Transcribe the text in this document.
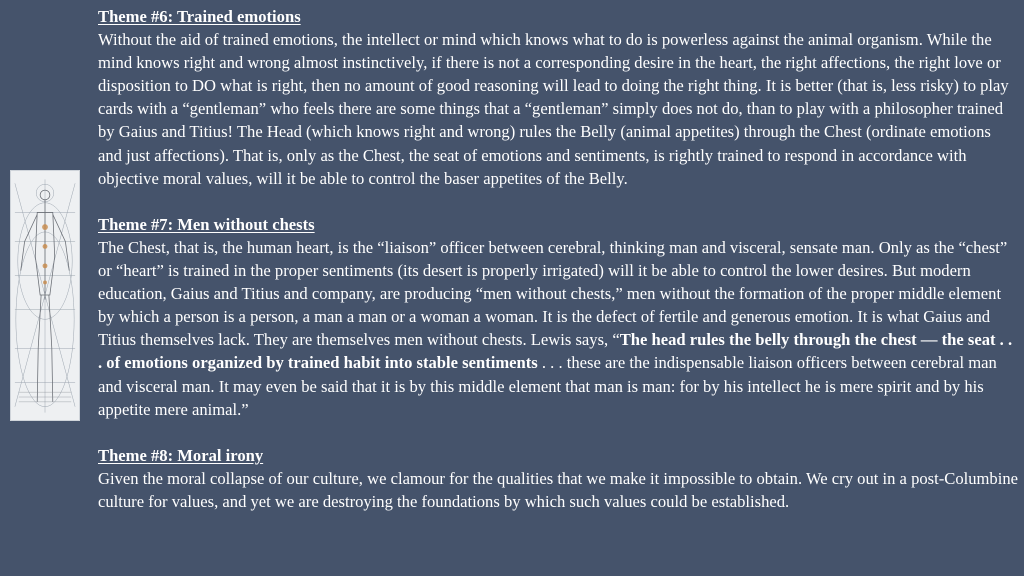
Theme #6: Trained emotions
Without the aid of trained emotions, the intellect or mind which knows what to do is powerless against the animal organism. While the mind knows right and wrong almost instinctively, if there is not a corresponding desire in the heart, the right affections, the right love or disposition to DO what is right, then no amount of good reasoning will lead to doing the right thing. It is better (that is, less risky) to play cards with a “gentleman” who feels there are some things that a “gentleman” simply does not do, than to play with a philosopher trained by Gaius and Titius! The Head (which knows right and wrong) rules the Belly (animal appetites) through the Chest (ordinate emotions and just affections). That is, only as the Chest, the seat of emotions and sentiments, is rightly trained to respond in accordance with objective moral values, will it be able to control the baser appetites of the Belly.

Theme #7: Men without chests
The Chest, that is, the human heart, is the “liaison” officer between cerebral, thinking man and visceral, sensate man. Only as the “chest” or “heart” is trained in the proper sentiments (its desert is properly irrigated) will it be able to control the lower desires. But modern education, Gaius and Titius and company, are producing “men without chests,” men without the formation of the proper middle element by which a person is a person, a man a man or a woman a woman. It is the defect of fertile and generous emotion. It is what Gaius and Titius themselves lack. They are themselves men without chests. Lewis says, “The head rules the belly through the chest — the seat . . . of emotions organized by trained habit into stable sentiments . . . these are the indispensable liaison officers between cerebral man and visceral man. It may even be said that it is by this middle element that man is man: for by his intellect he is mere spirit and by his appetite mere animal.”

Theme #8: Moral irony
Given the moral collapse of our culture, we clamour for the qualities that we make it impossible to obtain. We cry out in a post-Columbine culture for values, and yet we are destroying the foundations by which such values could be established.
